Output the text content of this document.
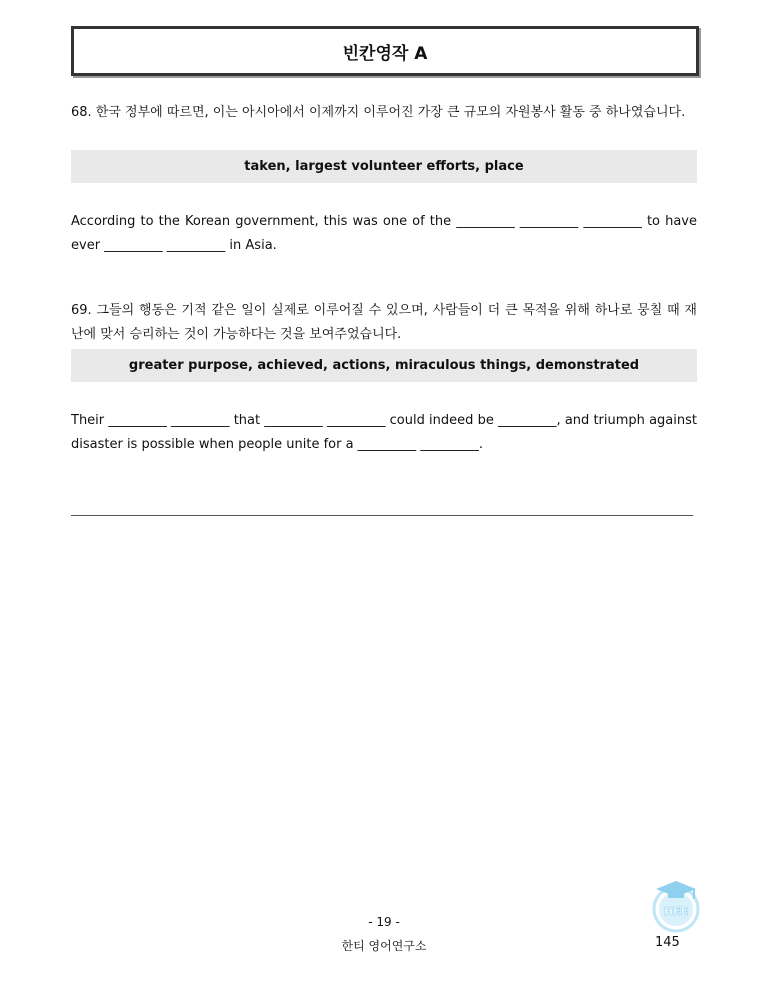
빈칸영작 A
68. 한국 정부에 따르면, 이는 아시아에서 이제까지 이루어진 가장 큰 규모의 자원봉사 활동 중 하나였습니다.
taken, largest volunteer efforts, place
According to the Korean government, this was one of the _________ _________ _________ to have ever _________ _________ in Asia.
69. 그들의 행동은 기적 같은 일이 실제로 이루어질 수 있으며, 사람들이 더 큰 목적을 위해 하나로 뭉칠 때 재난에 맞서 승리하는 것이 가능하다는 것을 보여주었습니다.
greater purpose, achieved, actions, miraculous things, demonstrated
Their _________ _________ that _________ _________ could indeed be _________, and triumph against disaster is possible when people unite for a _________ _________.
- 19 -
한티 영어연구소	145
HEE
